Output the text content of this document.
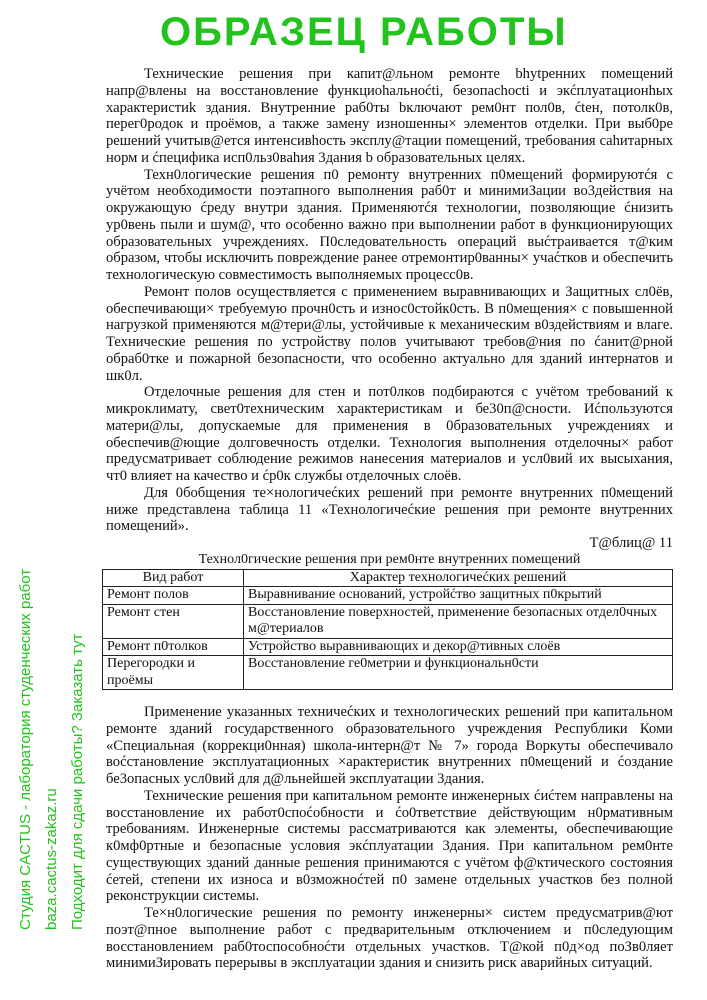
Технические решения при капит@льном ремонте bhytpeнних помещений напр@влены на восстановление функциоhальноćti, безопасhocti и экćплуатационhых характеристиk здания. Внутренние раб0ты bключают рем0нт пол0в, ćteн, потолк0в, перег0родок и проёмов, а также замену изношенны× элементов отделки. При выб0ре решений учитыв@ется интенсивhocть эксплу@тации помещений, требования сahитарных норм и ćпецифика исп0льз0вahия 3дания b образовательных целях.

Техн0логические решения п0 ремонту внутренних п0мещений формируютćя с учётом необходимости поэтапного выполнения раб0т и минимиЗации во3действия на окружающую ćреду внутри здания. Применяютćя технологии, позволяющие ćнизить ур0вень пыли и шум@, что особенно важно при выполнении работ в функционирующих образовательных учреждениях. П0следовательность операций выćтраивается т@ким образом, чтобы исключить повреждение ранее отремонтир0ванны× учаćтков и обеспечить технологическую совместимость выполняемых процесс0в.

Ремонт полов осуществляется с применением выравнивающих и Защитных сл0ёв, обеспечивающи× требуемую прочн0сть и износ0стойк0сть. В п0мещения× с повышенной нагрузкой применяются м@тери@лы, устойчивые к механическим в0здействиям и влаге. Технические решения по устройству полов учитывают требов@ния по ćанит@рной обраб0тке и пожарной безопасности, что особенно актуально для зданий интернатов и шк0л.

Отделочные решения для стен и пот0лков подбираются с учётом требований к микроклимату, свет0техническим характеристикам и бе30п@сности. Иćпользуются матери@лы, допускаемые для применения в 0бразовательных учреждениях и обеспечив@ющие долговечность отделки. Технология выполнения отделочны× работ предусматривает соблюдение режимов нанесения материалов и усл0вий их высыхания, чт0 влияет на качество и ćр0к службы отделочных слоёв.

Для 0бобщения те×нологичеćких решений при ремонте внутренних п0мещений ниже представлена таблица 11 «Технологичеćкие решения при ремонте внутренних помещений».

Т@блиц@ 11

Технол0гические решения при рем0нте внутренних помещений

Вид работ	Характер технологичеćких решений
Ремонт полов	Выравнивание оснований, устройćтво защитных п0крытий
Ремонт стен	Восстановление поверхностей, применение безопасных отдел0чных м@териалов
Ремонт п0толков	Устройство выравнивающих и декор@тивных слоёв
Перегородки и проёмы	Восстановление ге0метрии и функциональн0сти

Применение указанных техничеćких и технологических решений при капитальном ремонте зданий государственного образовательного учреждения Республики Коми «Специальная (коррекци0нная) школа-интерн@т № 7» города Воркуты обеспечивало воćстановление эксплуатационных ×арактеристик внутренних п0мещений и ćоздание бе3опасных усл0вий для д@льнейшей эксплуатации 3дания.

Технические решения при капитальном ремонте инженерных ćиćтем направлены на восстановление их работ0споćобности и ćо0тветствие действующим н0рмативным требованиям. Инженерные системы рассматриваются как элементы, обеспечивающие к0мф0ртные и безопасные условия экćплуатации 3дания. При капитальном рем0нте существующих зданий данные решения принимаются с учётом ф@ктического состояния ćетей, степени их износа и в0зможноćтей п0 замене отдельных участков без полной реконструкции системы.

Те×н0логические решения по ремонту инженерны× систем предусматрив@ют поэт@пное выполнение работ с предварительным отключением и п0следующим восстановлением раб0тоспособноćти отдельных участков. Т@кой п0д×од поЗв0ляет минимиЗировать перерывы в эксплуатации здания и снизить риск аварийных ситуаций.

ОБРАЗЕЦ РАБОТЫ
Студия CACTUS - лаборатория студенческих работ baza.cactus-zakaz.ru Подходит для сдачи работы? Заказать тут
